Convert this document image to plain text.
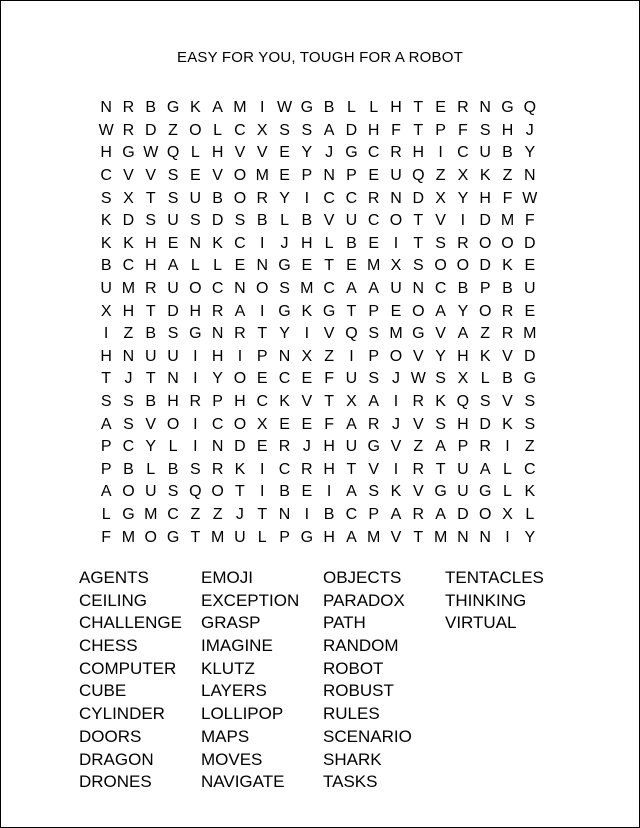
EASY FOR YOU, TOUGH FOR A ROBOT
N R B G K A M I W G B L L H T E R N G Q
W R D Z O L C X S S A D H F T P F S H J
H G W Q L H V V E Y J G C R H I C U B Y
C V V S E V O M E P N P E U Q Z X K Z N
S X T S U B O R Y I C C R N D X Y H F W
K D S U S D S B L B V U C O T V I D M F
K K H E N K C I	J H L B E I T S R O O D
B C H A L L E N G E T E M X S O O D K E
U M R U O C N O S M C A A U N C B P B U
X H T D H R A I G K G T P E O A Y O R E
I Z B S G N R T Y I V Q S M G V A Z R M
H N U U I H I P N X Z I P O V Y H K V D
T J T N I Y O E C E F U S J W S X L B G
S S B H R P H C K V T X A I R K Q S V S
A S V O I C O X E E F A R J V S H D K S
P C Y L I N D E R J H U G V Z A P R I Z
P B L B S R K I C R H T V I R T U A L C
A O U S Q O T I B E I A S K V G U G L K
L G M C Z Z J T N I B C P A R A D O X L
F M O G T M U L P G H A M V T M N N I Y
AGENTS
CEILING
CHALLENGE
CHESS
COMPUTER
CUBE
CYLINDER
DOORS
DRAGON
DRONES
EMOJI
EXCEPTION
GRASP
IMAGINE
KLUTZ
LAYERS
LOLLIPOP
MAPS
MOVES
NAVIGATE
OBJECTS
PARADOX
PATH
RANDOM
ROBOT
ROBUST
RULES
SCENARIO
SHARK
TASKS
TENTACLES
THINKING
VIRTUAL
